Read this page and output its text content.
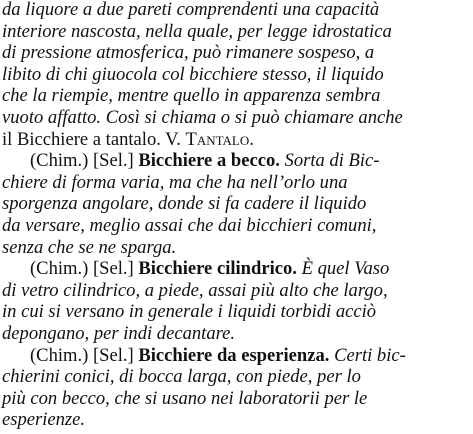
da liquore a due pareti comprendenti una capacità
interiore nascosta, nella quale, per legge idrostatica
di pressione atmosferica, può rimanere sospeso, a
libito di chi giuocola col bicchiere stesso, il liquido
che la riempie, mentre quello in apparenza sembra
vuoto affatto. Così si chiama o si può chiamare anche
il Bicchiere a tantalo. V. Tantalo.
(Chim.) [Sel.] Bicchiere a becco. Sorta di Bic-
chiere di forma varia, ma che ha nell’orlo una
sporgenza angolare, donde si fa cadere il liquido
da versare, meglio assai che dai bicchieri comuni,
senza che se ne sparga.
(Chim.) [Sel.] Bicchiere cilindrico. È quel Vaso
di vetro cilindrico, a piede, assai più alto che largo,
in cui si versano in generale i liquidi torbidi acciò
depongano, per indi decantare.
(Chim.) [Sel.] Bicchiere da esperienza. Certi bic-
chierini conici, di bocca larga, con piede, per lo
più con becco, che si usano nei laboratorii per le
esperienze.
